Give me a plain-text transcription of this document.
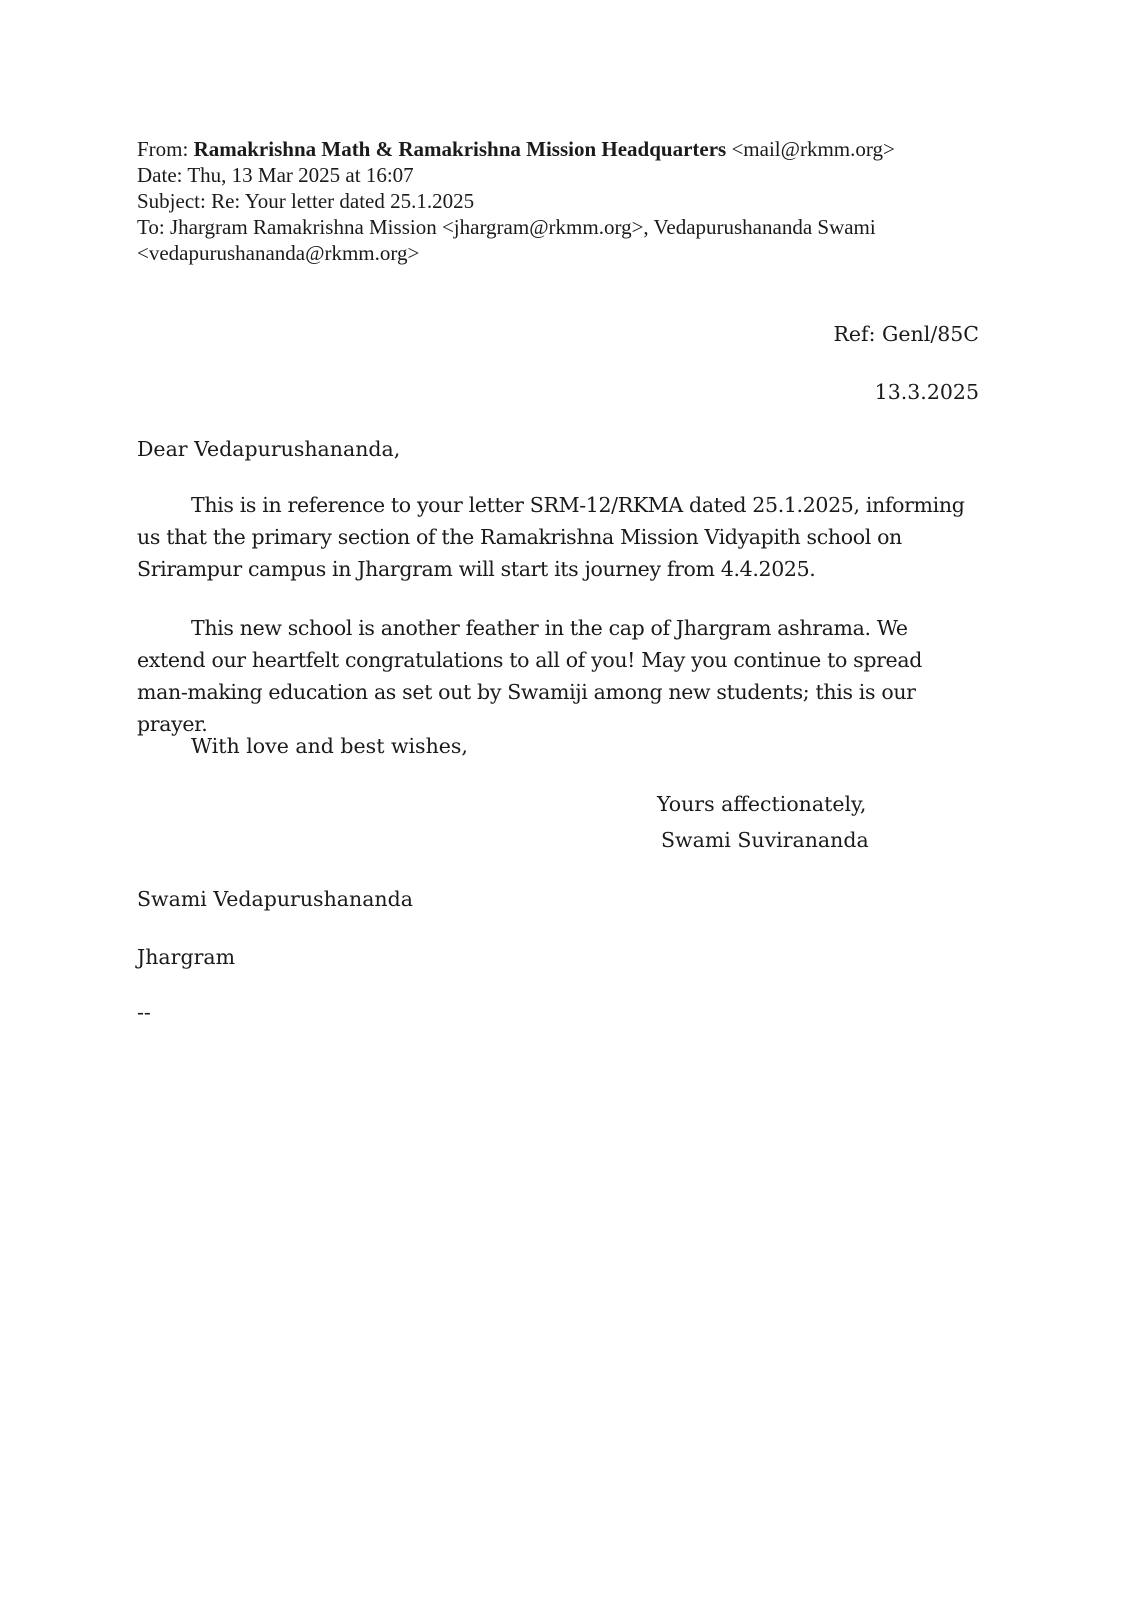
From: Ramakrishna Math & Ramakrishna Mission Headquarters <mail@rkmm.org>
Date: Thu, 13 Mar 2025 at 16:07
Subject: Re: Your letter dated 25.1.2025
To: Jhargram Ramakrishna Mission <jhargram@rkmm.org>, Vedapurushananda Swami <vedapurushananda@rkmm.org>
Ref: Genl/85C
13.3.2025
Dear Vedapurushananda,
This is in reference to your letter SRM-12/RKMA dated 25.1.2025, informing us that the primary section of the Ramakrishna Mission Vidyapith school on Srirampur campus in Jhargram will start its journey from 4.4.2025.
This new school is another feather in the cap of Jhargram ashrama. We extend our heartfelt congratulations to all of you! May you continue to spread man-making education as set out by Swamiji among new students; this is our prayer.
With love and best wishes,
Yours affectionately,
Swami Suvirananda
Swami Vedapurushananda
Jhargram
--
